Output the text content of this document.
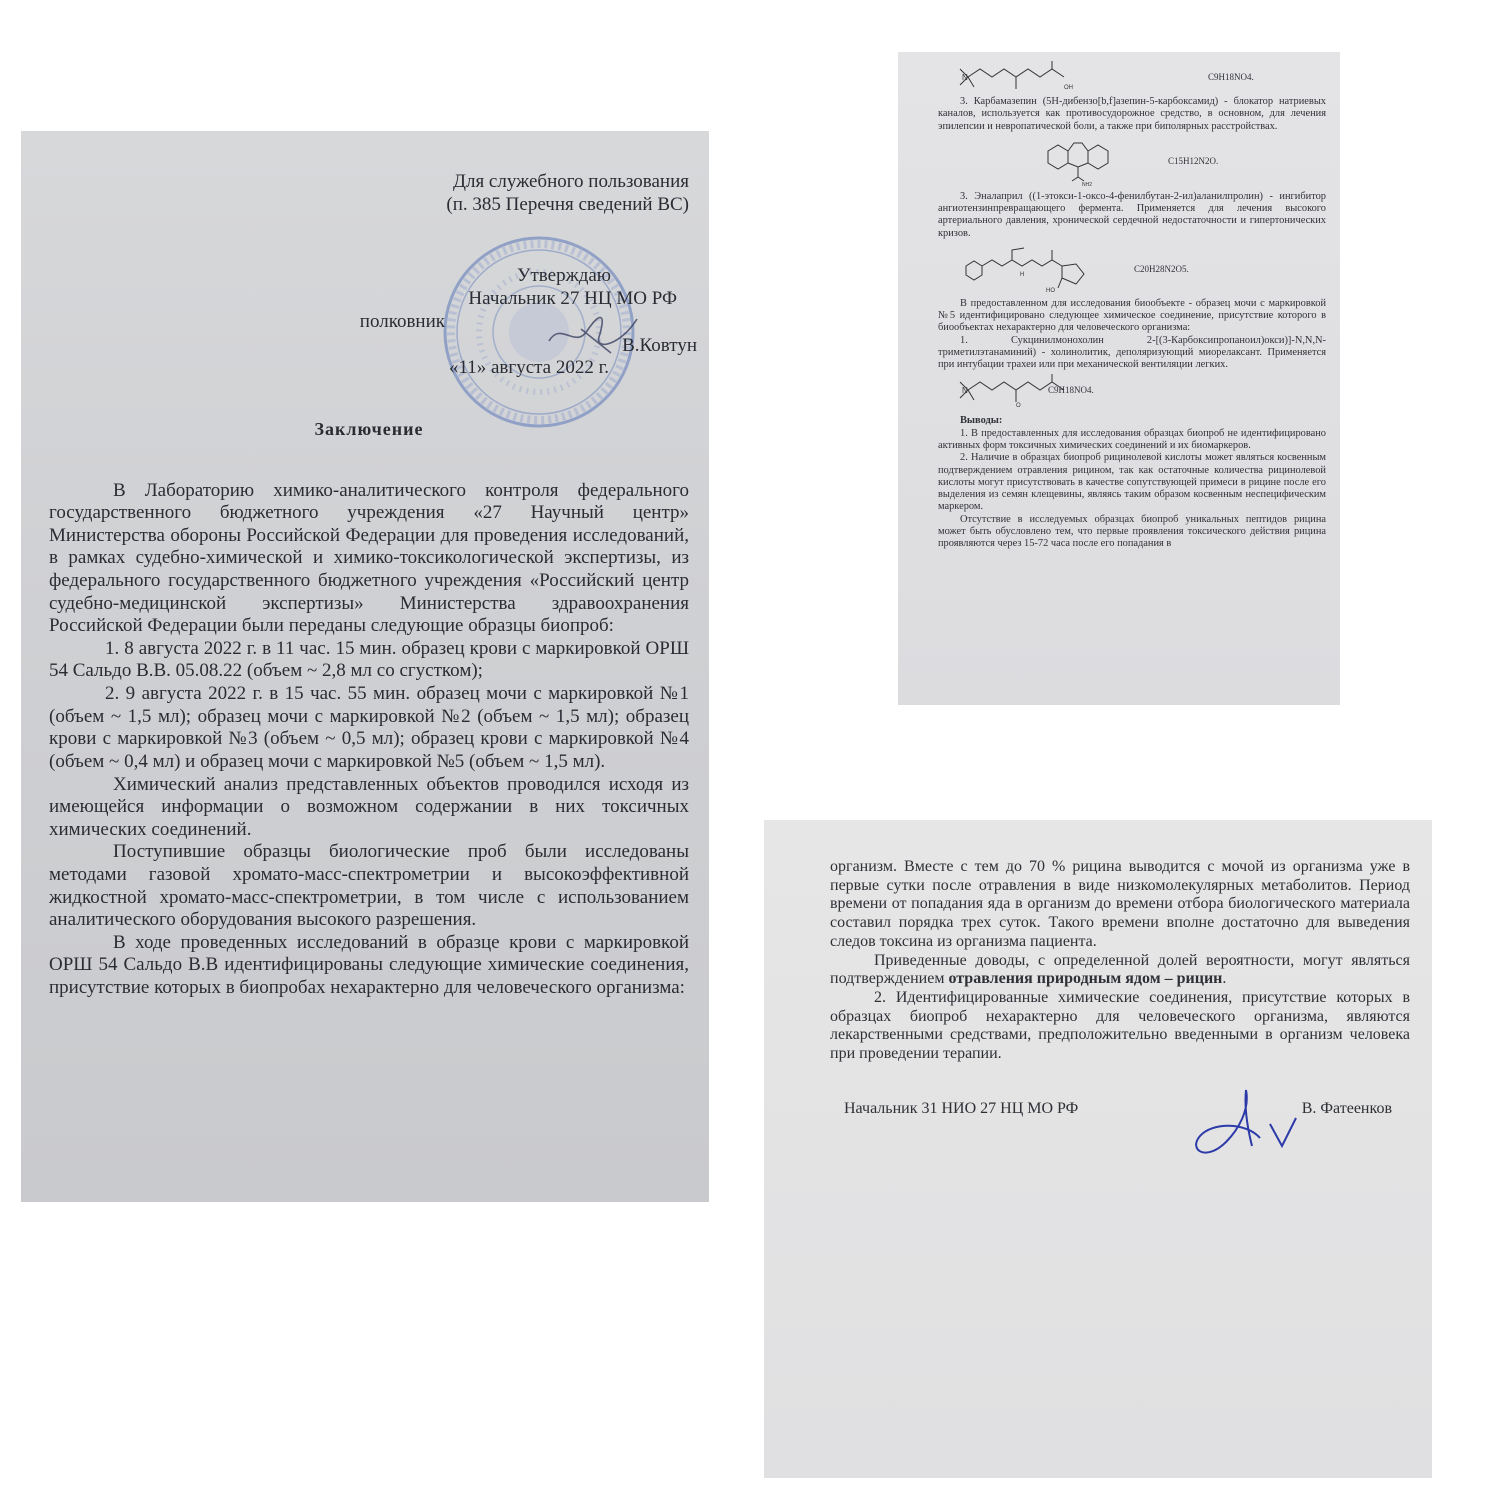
Для служебного пользования
(п. 385 Перечня сведений ВС)
Утверждаю
Начальник 27 НЦ МО РФ
полковник
В.Ковтун
«11» августа 2022 г.
Заключение

В Лабораторию химико-аналитического контроля федерального государственного бюджетного учреждения «27 Научный центр» Министерства обороны Российской Федерации для проведения исследований, в рамках судебно-химической и химико-токсикологической экспертизы, из федерального государственного бюджетного учреждения «Российский центр судебно-медицинской экспертизы» Министерства здравоохранения Российской Федерации были переданы следующие образцы биопроб:

1. 8 августа 2022 г. в 11 час. 15 мин. образец крови с маркировкой ОРШ 54 Сальдо В.В. 05.08.22 (объем ~ 2,8 мл со сгустком);

2. 9 августа 2022 г. в 15 час. 55 мин. образец мочи с маркировкой №1 (объем ~ 1,5 мл); образец мочи с маркировкой №2 (объем ~ 1,5 мл); образец крови с маркировкой №3 (объем ~ 0,5 мл); образец крови с маркировкой №4 (объем ~ 0,4 мл) и образец мочи с маркировкой №5 (объем ~ 1,5 мл).

Химический анализ представленных объектов проводился исходя из имеющейся информации о возможном содержании в них токсичных химических соединений.

Поступившие образцы биологические проб были исследованы методами газовой хромато-масс-спектрометрии и высокоэффективной жидкостной хромато-масс-спектрометрии, в том числе с использованием аналитического оборудования высокого разрешения.

В ходе проведенных исследований в образце крови с маркировкой ОРШ 54 Сальдо В.В идентифицированы следующие химические соединения, присутствие которых в биопробах нехарактерно для человеческого организма:

N
OH
C9H18NO4.

3. Карбамазепин (5Н-дибензо[b,f]азепин-5-карбоксамид) - блокатор натриевых каналов, используется как противосудорожное средство, в основном, для лечения эпилепсии и невропатической боли, а также при биполярных расстройствах.

NH2
C15H12N2O.

3. Эналаприл ((1-этокси-1-оксо-4-фенилбутан-2-ил)аланилпролин) - ингибитор ангиотензинпревращающего фермента. Применяется для лечения высокого артериального давления, хронической сердечной недостаточности и гипертонических кризов.

H
HO
C20H28N2O5.

В предоставленном для исследования биообъекте - образец мочи с маркировкой №5 идентифицировано следующее химическое соединение, присутствие которого в биообъектах нехарактерно для человеческого организма:

1. Сукцинилмонохолин 2-[(3-Карбоксипропаноил)окси)]-N,N,N-триметилэтанаминий) - холинолитик, деполяризующий миорелаксант. Применяется при интубации трахеи или при механической вентиляции легких.

N
O
C9H18NO4.

Выводы:

1. В предоставленных для исследования образцах биопроб не идентифицировано активных форм токсичных химических соединений и их биомаркеров.

2. Наличие в образцах биопроб рицинолевой кислоты может являться косвенным подтверждением отравления рицином, так как остаточные количества рицинолевой кислоты могут присутствовать в качестве сопутствующей примеси в рицине после его выделения из семян клещевины, являясь таким образом косвенным неспецифическим маркером.

Отсутствие в исследуемых образцах биопроб уникальных пептидов рицина может быть обусловлено тем, что первые проявления токсического действия рицина проявляются через 15-72 часа после его попадания в

организм. Вместе с тем до 70 % рицина выводится с мочой из организма уже в первые сутки после отравления в виде низкомолекулярных метаболитов. Период времени от попадания яда в организм до времени отбора биологического материала составил порядка трех суток. Такого времени вполне достаточно для выведения следов токсина из организма пациента.

Приведенные доводы, с определенной долей вероятности, могут являться подтверждением отравления природным ядом – рицин.

2. Идентифицированные химические соединения, присутствие которых в образцах биопроб нехарактерно для человеческого организма, являются лекарственными средствами, предположительно введенными в организм человека при проведении терапии.

Начальник 31 НИО 27 НЦ МО РФ	В. Фатеенков
